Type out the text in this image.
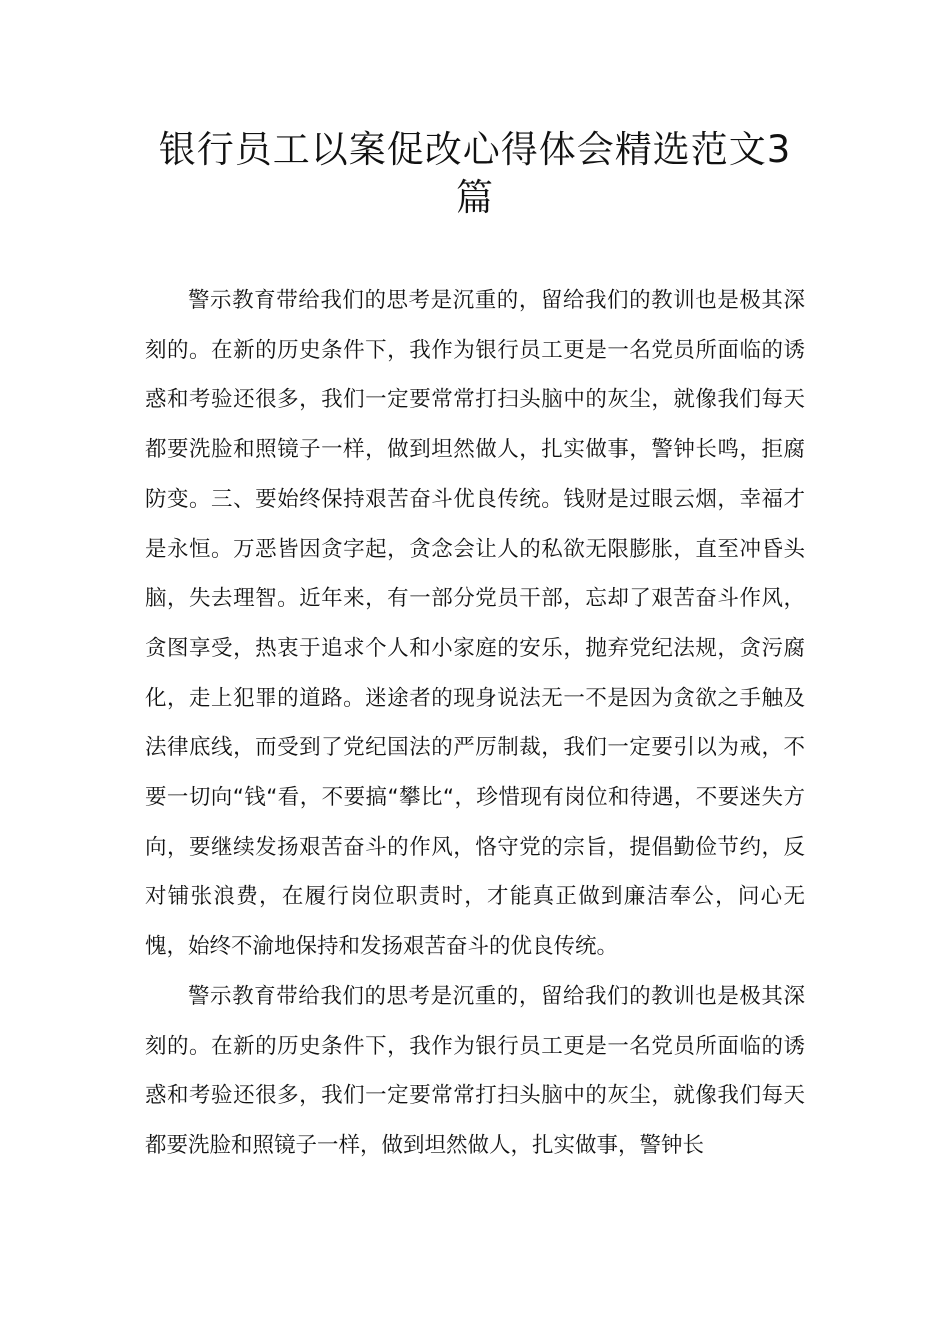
银行员工以案促改心得体会精选范文3篇

警示教育带给我们的思考是沉重的，留给我们的教训也是极其深刻的。在新的历史条件下，我作为银行员工更是一名党员所面临的诱惑和考验还很多，我们一定要常常打扫头脑中的灰尘，就像我们每天都要洗脸和照镜子一样，做到坦然做人，扎实做事，警钟长鸣，拒腐防变。三、要始终保持艰苦奋斗优良传统。钱财是过眼云烟，幸福才是永恒。万恶皆因贪字起，贪念会让人的私欲无限膨胀，直至冲昏头脑，失去理智。近年来，有一部分党员干部，忘却了艰苦奋斗作风，贪图享受，热衷于追求个人和小家庭的安乐，抛弃党纪法规，贪污腐化，走上犯罪的道路。迷途者的现身说法无一不是因为贪欲之手触及法律底线，而受到了党纪国法的严厉制裁，我们一定要引以为戒，不要一切向“钱“看，不要搞“攀比“，珍惜现有岗位和待遇，不要迷失方向，要继续发扬艰苦奋斗的作风，恪守党的宗旨，提倡勤俭节约，反对铺张浪费，在履行岗位职责时，才能真正做到廉洁奉公，问心无愧，始终不渝地保持和发扬艰苦奋斗的优良传统。

警示教育带给我们的思考是沉重的，留给我们的教训也是极其深刻的。在新的历史条件下，我作为银行员工更是一名党员所面临的诱惑和考验还很多，我们一定要常常打扫头脑中的灰尘，就像我们每天都要洗脸和照镜子一样，做到坦然做人，扎实做事，警钟长
